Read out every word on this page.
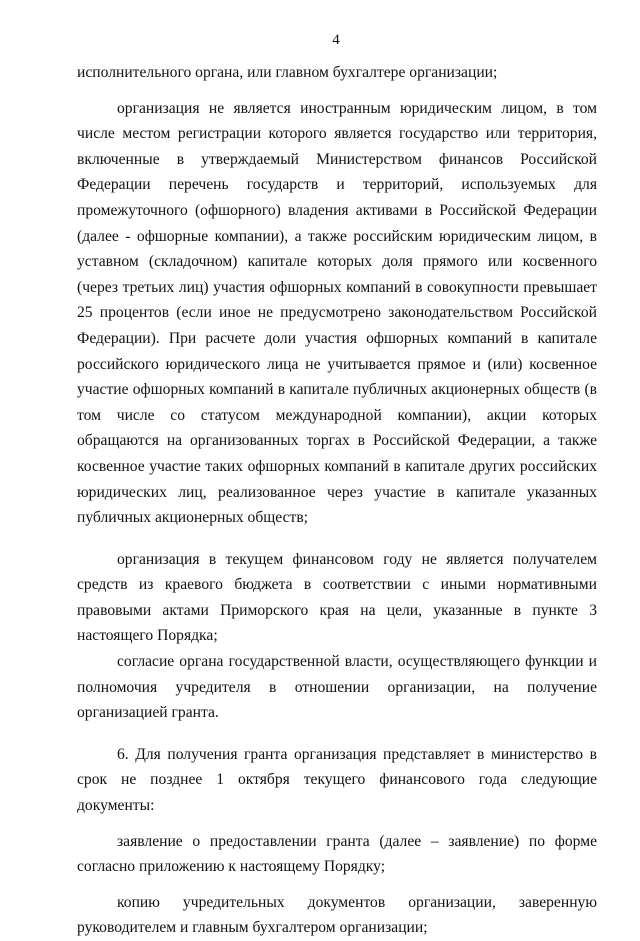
4

исполнительного органа, или главном бухгалтере организации;

организация не является иностранным юридическим лицом, в том числе местом регистрации которого является государство или территория, включенные в утверждаемый Министерством финансов Российской Федерации перечень государств и территорий, используемых для промежуточного (офшорного) владения активами в Российской Федерации (далее - офшорные компании), а также российским юридическим лицом, в уставном (складочном) капитале которых доля прямого или косвенного (через третьих лиц) участия офшорных компаний в совокупности превышает 25 процентов (если иное не предусмотрено законодательством Российской Федерации). При расчете доли участия офшорных компаний в капитале российского юридического лица не учитывается прямое и (или) косвенное участие офшорных компаний в капитале публичных акционерных обществ (в том числе со статусом международной компании), акции которых обращаются на организованных торгах в Российской Федерации, а также косвенное участие таких офшорных компаний в капитале других российских юридических лиц, реализованное через участие в капитале указанных публичных акционерных обществ;

организация в текущем финансовом году не является получателем средств из краевого бюджета в соответствии с иными нормативными правовыми актами Приморского края на цели, указанные в пункте 3 настоящего Порядка;

согласие органа государственной власти, осуществляющего функции и полномочия учредителя в отношении организации, на получение организацией гранта.

6. Для получения гранта организация представляет в министерство в срок не позднее 1 октября текущего финансового года следующие документы:

заявление о предоставлении гранта (далее – заявление) по форме согласно приложению к настоящему Порядку;

копию учредительных документов организации, заверенную руководителем и главным бухгалтером организации;
